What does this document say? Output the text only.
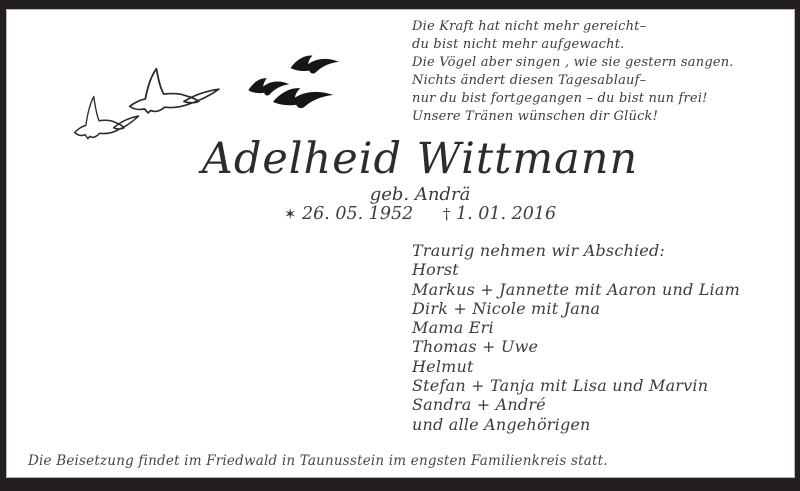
Die Kraft hat nicht mehr gereicht–
du bist nicht mehr aufgewacht.
Die Vögel aber singen , wie sie gestern sangen.
Nichts ändert diesen Tagesablauf–
nur du bist fortgegangen – du bist nun frei!
Unsere Tränen wünschen dir Glück!
Adelheid Wittmann
geb. Andrä
✶ 26. 05. 1952 † 1. 01. 2016
Traurig nehmen wir Abschied:
Horst
Markus + Jannette mit Aaron und Liam
Dirk + Nicole mit Jana
Mama Eri
Thomas + Uwe
Helmut
Stefan + Tanja mit Lisa und Marvin
Sandra + André
und alle Angehörigen
Die Beisetzung findet im Friedwald in Taunusstein im engsten Familienkreis statt.
